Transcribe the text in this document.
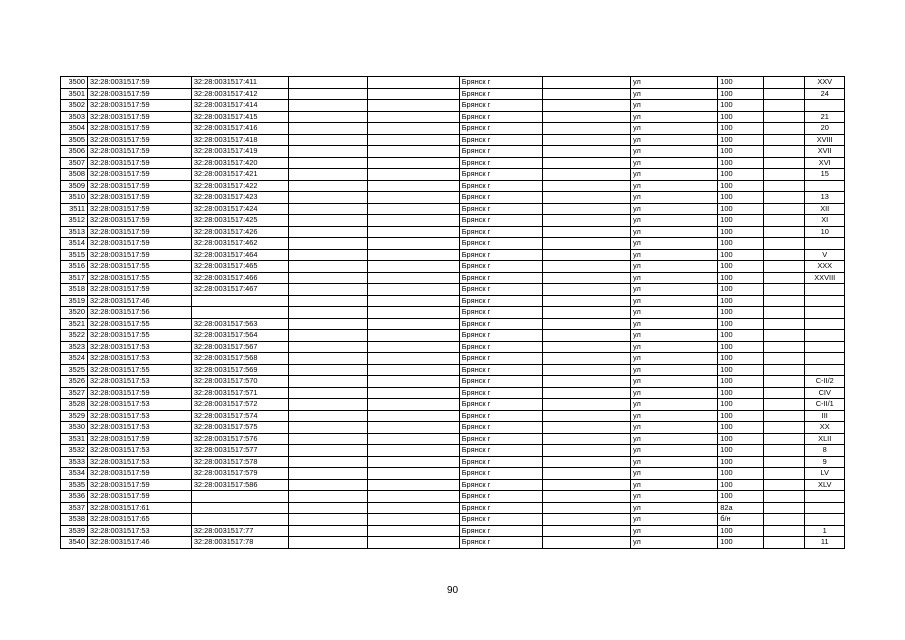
3500	32:28:0031517:59	32:28:0031517:411			Брянск г		ул	100		XXV
3501	32:28:0031517:59	32:28:0031517:412			Брянск г		ул	100		24
3502	32:28:0031517:59	32:28:0031517:414			Брянск г		ул	100		
3503	32:28:0031517:59	32:28:0031517:415			Брянск г		ул	100		21
3504	32:28:0031517:59	32:28:0031517:416			Брянск г		ул	100		20
3505	32:28:0031517:59	32:28:0031517:418			Брянск г		ул	100		XVIII
3506	32:28:0031517:59	32:28:0031517:419			Брянск г		ул	100		XVII
3507	32:28:0031517:59	32:28:0031517:420			Брянск г		ул	100		XVI
3508	32:28:0031517:59	32:28:0031517:421			Брянск г		ул	100		15
3509	32:28:0031517:59	32:28:0031517:422			Брянск г		ул	100		
3510	32:28:0031517:59	32:28:0031517:423			Брянск г		ул	100		13
3511	32:28:0031517:59	32:28:0031517:424			Брянск г		ул	100		XII
3512	32:28:0031517:59	32:28:0031517:425			Брянск г		ул	100		XI
3513	32:28:0031517:59	32:28:0031517:426			Брянск г		ул	100		10
3514	32:28:0031517:59	32:28:0031517:462			Брянск г		ул	100		
3515	32:28:0031517:59	32:28:0031517:464			Брянск г		ул	100		V
3516	32:28:0031517:55	32:28:0031517:465			Брянск г		ул	100		XXX
3517	32:28:0031517:55	32:28:0031517:466			Брянск г		ул	100		XXVIII
3518	32:28:0031517:59	32:28:0031517:467			Брянск г		ул	100		
3519	32:28:0031517:46				Брянск г		ул	100		
3520	32:28:0031517:56				Брянск г		ул	100		
3521	32:28:0031517:55	32:28:0031517:563			Брянск г		ул	100		
3522	32:28:0031517:55	32:28:0031517:564			Брянск г		ул	100		
3523	32:28:0031517:53	32:28:0031517:567			Брянск г		ул	100		
3524	32:28:0031517:53	32:28:0031517:568			Брянск г		ул	100		
3525	32:28:0031517:55	32:28:0031517:569			Брянск г		ул	100		
3526	32:28:0031517:53	32:28:0031517:570			Брянск г		ул	100		C-II/2
3527	32:28:0031517:59	32:28:0031517:571			Брянск г		ул	100		CIV
3528	32:28:0031517:53	32:28:0031517:572			Брянск г		ул	100		C-II/1
3529	32:28:0031517:53	32:28:0031517:574			Брянск г		ул	100		III
3530	32:28:0031517:53	32:28:0031517:575			Брянск г		ул	100		XX
3531	32:28:0031517:59	32:28:0031517:576			Брянск г		ул	100		XLII
3532	32:28:0031517:53	32:28:0031517:577			Брянск г		ул	100		8
3533	32:28:0031517:53	32:28:0031517:578			Брянск г		ул	100		9
3534	32:28:0031517:59	32:28:0031517:579			Брянск г		ул	100		LV
3535	32:28:0031517:59	32:28:0031517:586			Брянск г		ул	100		XLV
3536	32:28:0031517:59				Брянск г		ул	100		
3537	32:28:0031517:61				Брянск г		ул	82а		
3538	32:28:0031517:65				Брянск г		ул	б/н		
3539	32:28:0031517:53	32:28:0031517:77			Брянск г		ул	100		1
3540	32:28:0031517:46	32:28:0031517:78			Брянск г		ул	100		11
90
